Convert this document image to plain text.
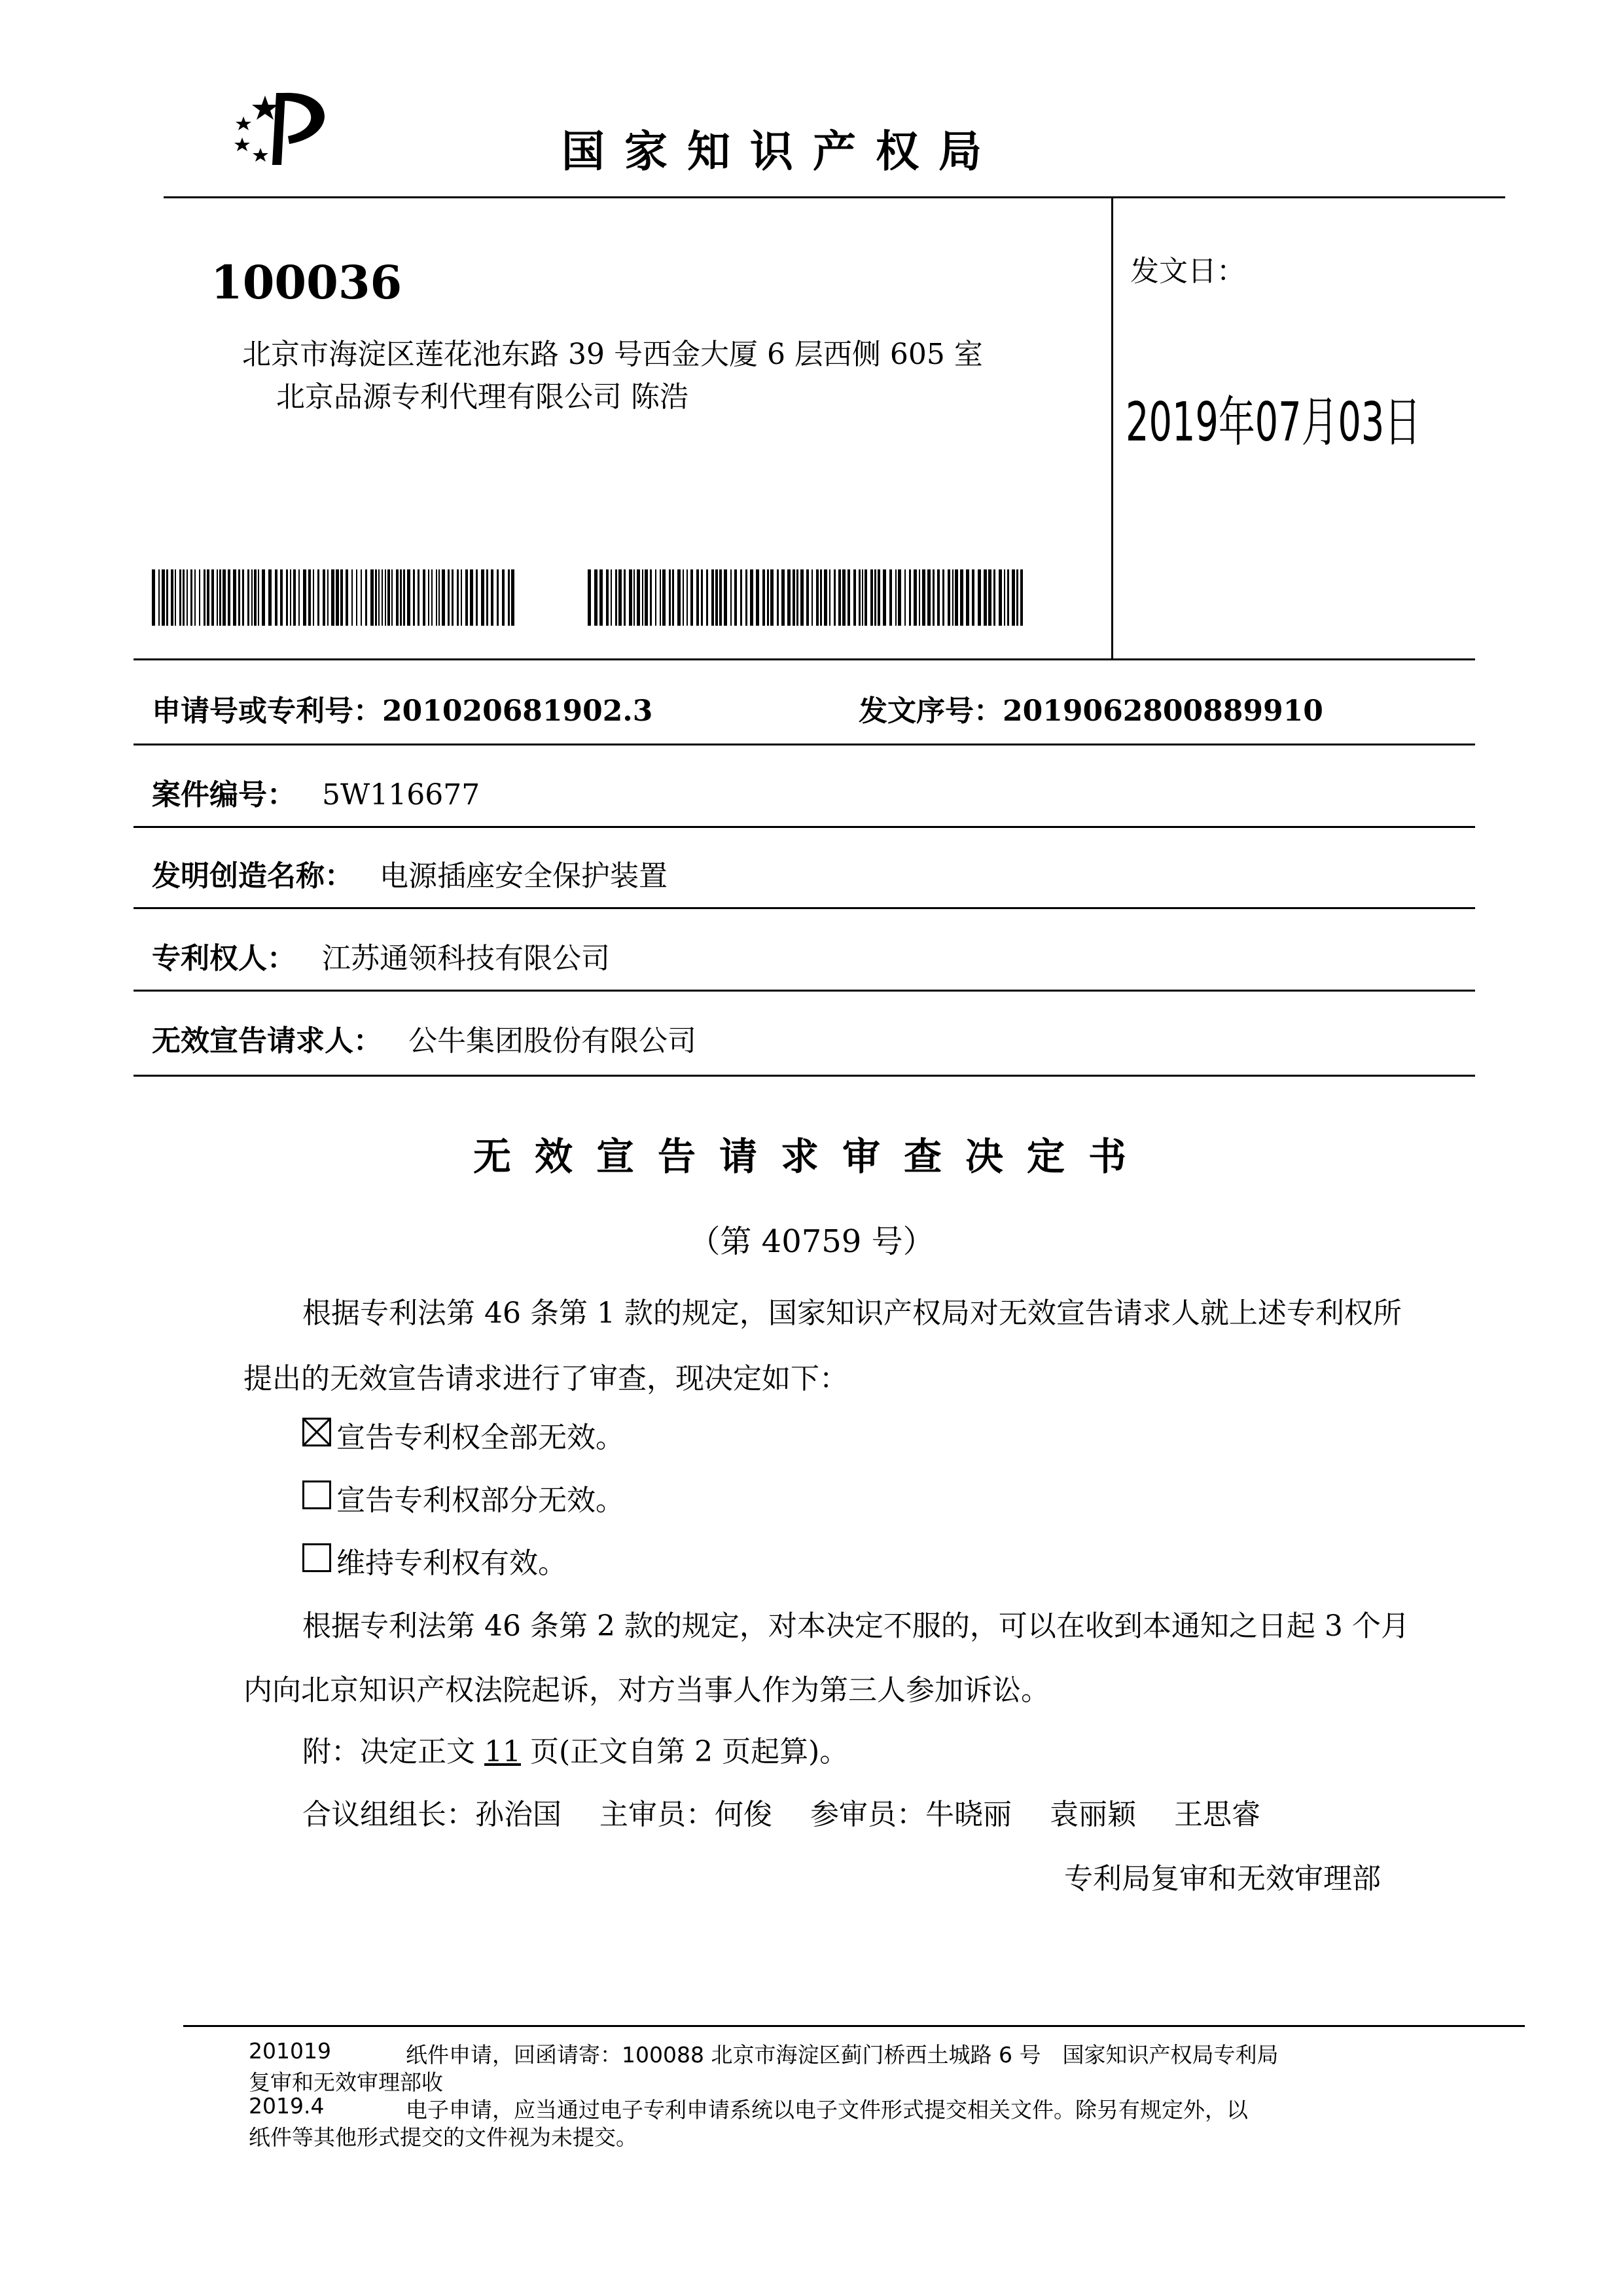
国家知识产权局
100036
北京市海淀区莲花池东路 39 号西金大厦 6 层西侧 605 室
北京品源专利代理有限公司 陈浩
发文日：
2019年07月03日
申请号或专利号：201020681902.3	发文序号：2019062800889910
案件编号： 5W116677
发明创造名称： 电源插座安全保护装置
专利权人： 江苏通领科技有限公司
无效宣告请求人： 公牛集团股份有限公司
无效宣告请求审查决定书
（第 40759 号）
根据专利法第 46 条第 1 款的规定，国家知识产权局对无效宣告请求人就上述专利权所
提出的无效宣告请求进行了审查，现决定如下：
宣告专利权全部无效。
宣告专利权部分无效。
维持专利权有效。
根据专利法第 46 条第 2 款的规定，对本决定不服的，可以在收到本通知之日起 3 个月
内向北京知识产权法院起诉，对方当事人作为第三人参加诉讼。
附：决定正文 11 页(正文自第 2 页起算)。
合议组组长：孙治国　 主审员：何俊　 参审员：牛晓丽　 袁丽颖　 王思睿
专利局复审和无效审理部
201019	纸件申请，回函请寄：100088 北京市海淀区蓟门桥西土城路 6 号　国家知识产权局专利局
复审和无效审理部收
2019.4	电子申请，应当通过电子专利申请系统以电子文件形式提交相关文件。除另有规定外，以
纸件等其他形式提交的文件视为未提交。
